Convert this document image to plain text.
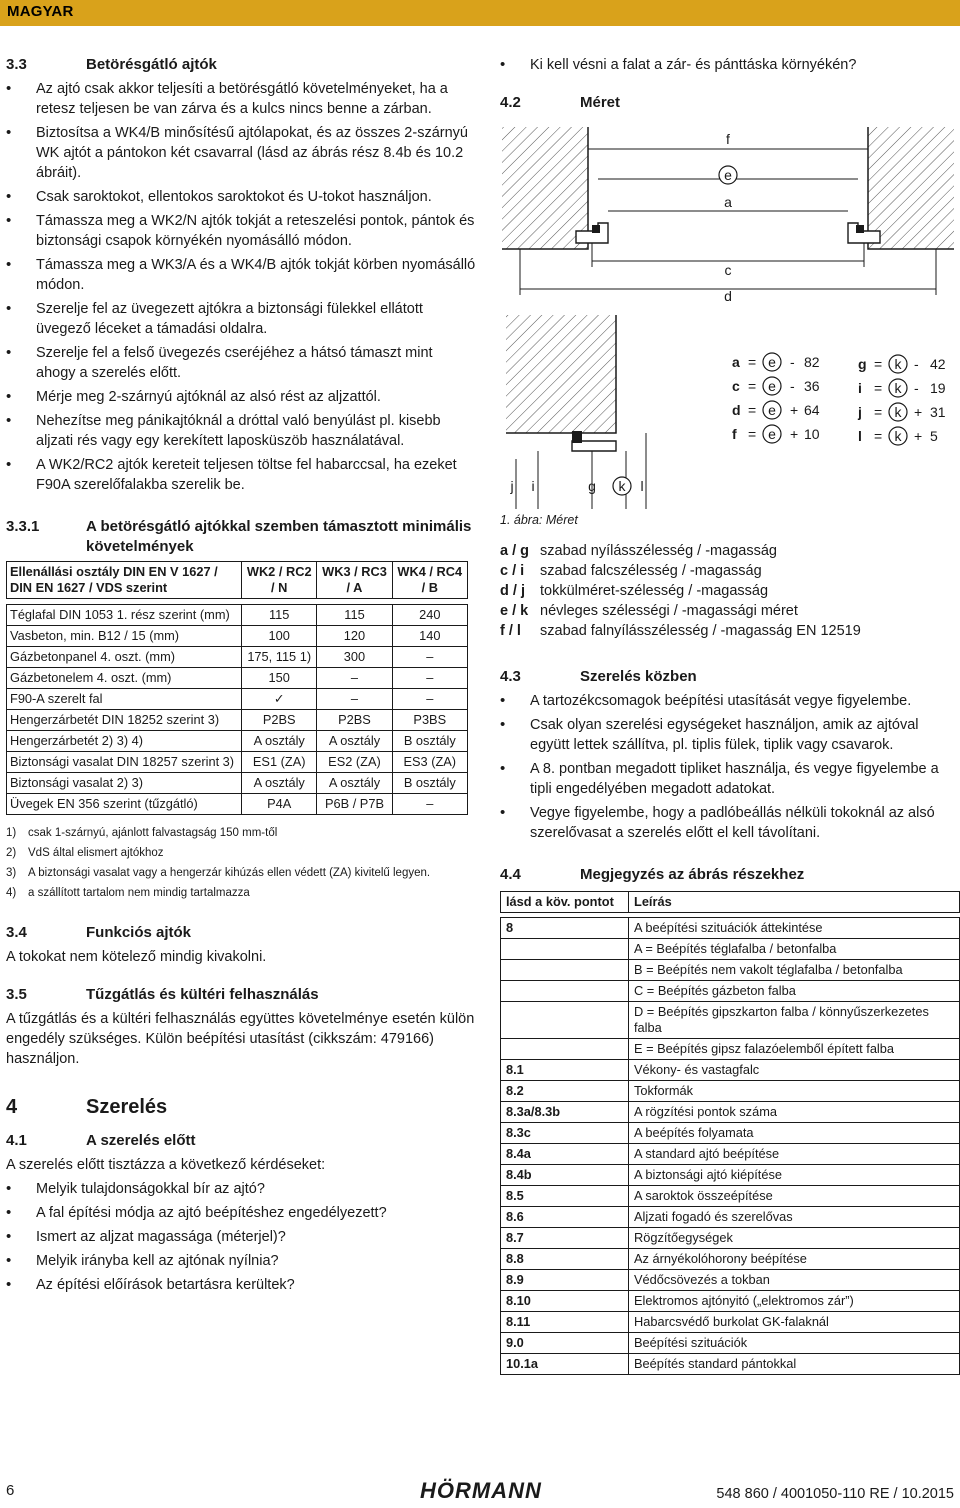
MAGYAR
3.3	Betörésgátló ajtók
• Az ajtó csak akkor teljesíti a betörésgátló követelményeket, ha a retesz teljesen be van zárva és a kulcs nincs benne a zárban.
• Biztosítsa a WK4/B minősítésű ajtólapokat, és az összes 2-szárnyú WK ajtót a pántokon két csavarral (lásd az ábrás rész 8.4b és 10.2 ábráit).
• Csak saroktokot, ellentokos saroktokot és U-tokot használjon.
• Támassza meg a WK2/N ajtók tokját a reteszelési pontok, pántok és biztonsági csapok környékén nyomásálló módon.
• Támassza meg a WK3/A és a WK4/B ajtók tokját körben nyomásálló módon.
• Szerelje fel az üvegezett ajtókra a biztonsági fülekkel ellátott üvegező léceket a támadási oldalra.
• Szerelje fel a felső üvegezés cseréjéhez a hátsó támaszt mint ahogy a szerelés előtt.
• Mérje meg 2-szárnyú ajtóknál az alsó rést az aljzattól.
• Nehezítse meg pánikajtóknál a dróttal való benyúlást pl. kisebb aljzati rés vagy egy kerekített laposküszöb használatával.
• A WK2/RC2 ajtók kereteit teljesen töltse fel habarccsal, ha ezeket F90A szerelőfalakba szerelik be.
3.3.1	A betörésgátló ajtókkal szemben támasztott minimális követelmények
Ellenállási osztály DIN EN V 1627 / DIN EN 1627 / VDS szerint	WK2 / RC2 / N	WK3 / RC3 / A	WK4 / RC4 / B

Téglafal DIN 1053 1. rész szerint (mm)	115	115	240
Vasbeton, min. B12 / 15 (mm)	100	120	140
Gázbetonpanel 4. oszt. (mm)	175, 115 1)	300	–
Gázbetonelem 4. oszt. (mm)	150	–	–
F90-A szerelt fal	✓	–	–
Hengerzárbetét DIN 18252 szerint 3)	P2BS	P2BS	P3BS
Hengerzárbetét 2) 3) 4)	A osztály	A osztály	B osztály
Biztonsági vasalat DIN 18257 szerint 3)	ES1 (ZA)	ES2 (ZA)	ES3 (ZA)
Biztonsági vasalat 2) 3)	A osztály	A osztály	B osztály
Üvegek EN 356 szerint (tűzgátló)	P4A	P6B / P7B	–
1) csak 1-szárnyú, ajánlott falvastagság 150 mm-től
2) VdS által elismert ajtókhoz
3) A biztonsági vasalat vagy a hengerzár kihúzás ellen védett (ZA) kivitelű legyen.
4) a szállított tartalom nem mindig tartalmazza
3.4	Funkciós ajtók

A tokokat nem kötelező mindig kivakolni.

3.5	Tűzgátlás és kültéri felhasználás

A tűzgátlás és a kültéri felhasználás együttes követelménye esetén külön engedély szükséges. Külön beépítési utasítást (cikkszám: 479166) használjon.

4	Szerelés
4.1	A szerelés előtt

A szerelés előtt tisztázza a következő kérdéseket:

• Melyik tulajdonságokkal bír az ajtó?
• A fal építési módja az ajtó beépítéshez engedélyezett?
• Ismert az aljzat magassága (méterjel)?
• Melyik irányba kell az ajtónak nyílnia?
• Az építési előírások betartásra kerültek?
• Ki kell vésni a falat a zár- és pánttáska környékén?
4.2	Méret
f
e
a
c
d
j i	g k l
a = e - 82
c = e - 36
d = e + 64
f = e + 10
g = k - 42
i = k - 19
j = k + 31
l = k + 5
1. ábra: Méret
a / g szabad nyílásszélesség / -magasság
c / i	szabad falcszélesség / -magasság
d / j	tokkülméret-szélesség / -magasság
e / k névleges szélességi / -magassági méret
f / l	szabad falnyílásszélesség / -magasság EN 12519
4.3	Szerelés közben
• A tartozékcsomagok beépítési utasítását vegye figyelembe.
• Csak olyan szerelési egységeket használjon, amik az ajtóval együtt lettek szállítva, pl. tiplis fülek, tiplik vagy csavarok.
• A 8. pontban megadott tipliket használja, és vegye figyelembe a tipli engedélyében megadott adatokat.
• Vegye figyelembe, hogy a padlóbeállás nélküli tokoknál az alsó szerelővasat a szerelés előtt el kell távolítani.
4.4	Megjegyzés az ábrás részekhez
lásd a köv. pontot	Leírás

8	A beépítési szituációk áttekintése
	A = Beépítés téglafalba / betonfalba
	B = Beépítés nem vakolt téglafalba / betonfalba
	C = Beépítés gázbeton falba
	D = Beépítés gipszkarton falba / könnyűszerkezetes falba
	E = Beépítés gipsz falazóelemből épített falba
8.1	Vékony- és vastagfalc
8.2	Tokformák
8.3a/8.3b	A rögzítési pontok száma
8.3c	A beépítés folyamata
8.4a	A standard ajtó beépítése
8.4b	A biztonsági ajtó kiépítése
8.5	A saroktok összeépítése
8.6	Aljzati fogadó és szerelővas
8.7	Rögzítőegységek
8.8	Az árnyékolóhorony beépítése
8.9	Védőcsövezés a tokban
8.10	Elektromos ajtónyitó („elektromos zár”)
8.11	Habarcsvédő burkolat GK-falaknál
9.0	Beépítési szituációk
10.1a	Beépítés standard pántokkal
6	HÖRMANN	548 860 / 4001050-110 RE / 10.2015
